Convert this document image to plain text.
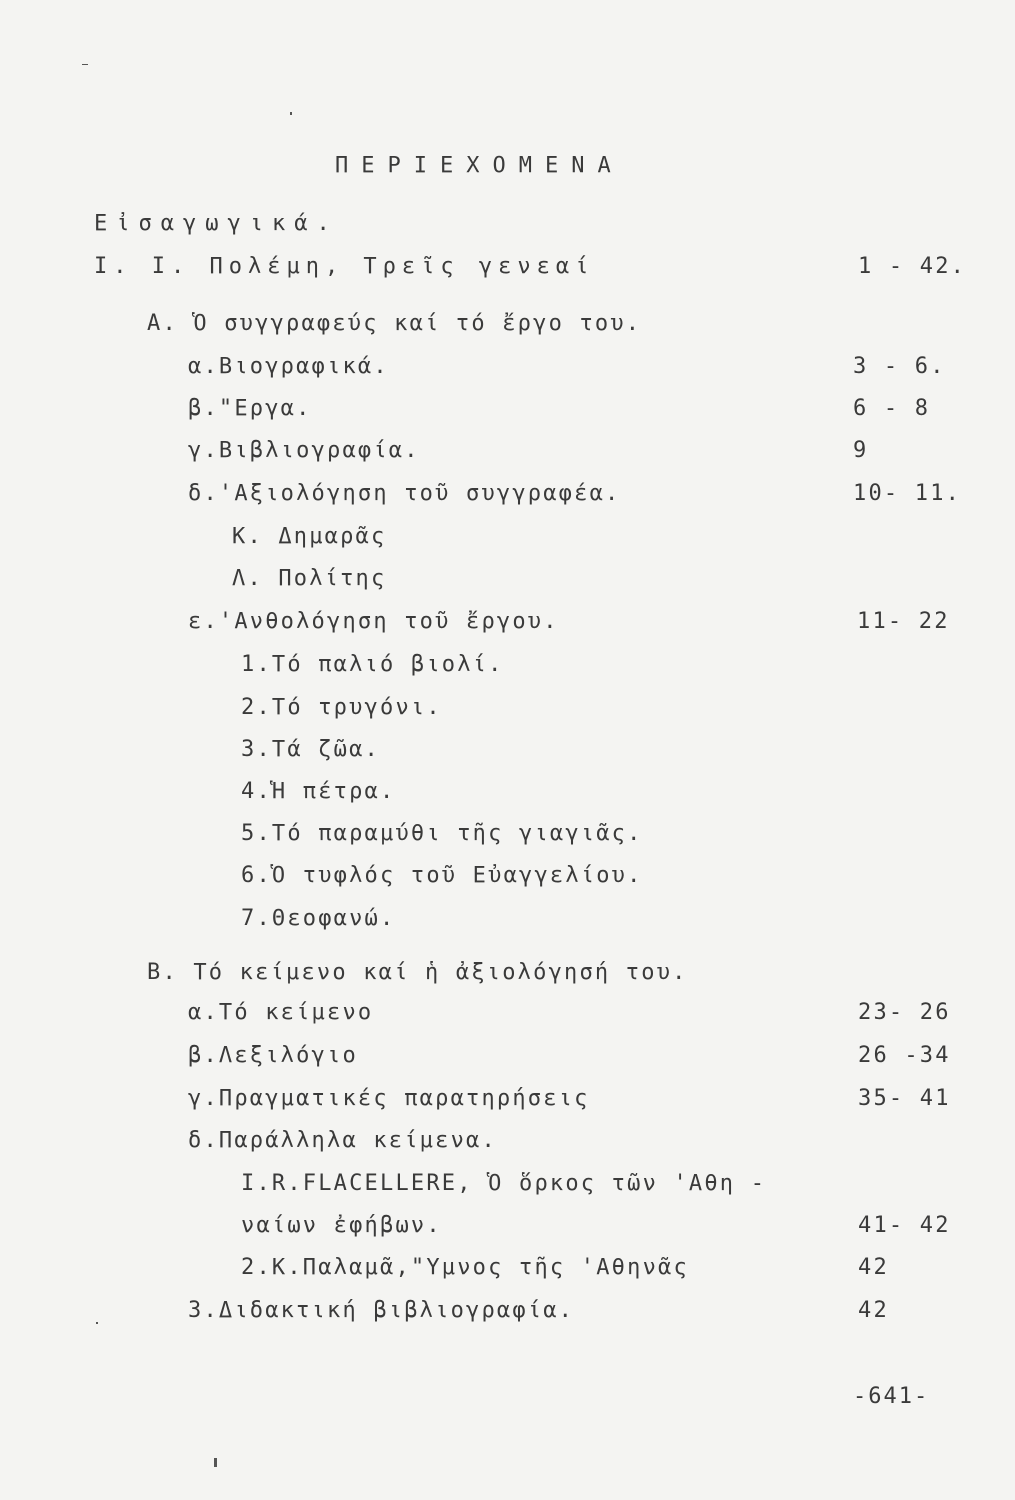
ΠΕΡΙΕΧΟΜΕΝΑ
Εἰσαγωγικά.
I. I. Πολέμη, Τρεῖς γενεαί	1 - 42.
A. Ὁ συγγραφεύς καί τό ἔργο του.
α.Βιογραφικά.	3 - 6.
β."Εργα.	6 - 8
γ.Βιβλιογραφία.	9
δ.'Αξιολόγηση τοῦ συγγραφέα.	10- 11.
Κ. Δημαρᾶς
Λ. Πολίτης
ε.'Ανθολόγηση τοῦ ἔργου.	11- 22
1.Τό παλιό βιολί.
2.Τό τρυγόνι.
3.Τά ζῶα.
4.Ἡ πέτρα.
5.Τό παραμύθι τῆς γιαγιᾶς.
6.Ὁ τυφλός τοῦ Εὐαγγελίου.
7.Θεοφανώ.
B. Τό κείμενο καί ἡ ἀξιολόγησή του.
α.Τό κείμενο	23- 26
β.Λεξιλόγιο	26 -34
γ.Πραγματικές παρατηρήσεις	35- 41
δ.Παράλληλα κείμενα.
I.R.FLACELLERE, Ὁ ὅρκος τῶν 'Αθη -
ναίων ἐφήβων.	41- 42
2.Κ.Παλαμᾶ,"Υμνος τῆς 'Αθηνᾶς	42
3.Διδακτική βιβλιογραφία.	42
-641-
